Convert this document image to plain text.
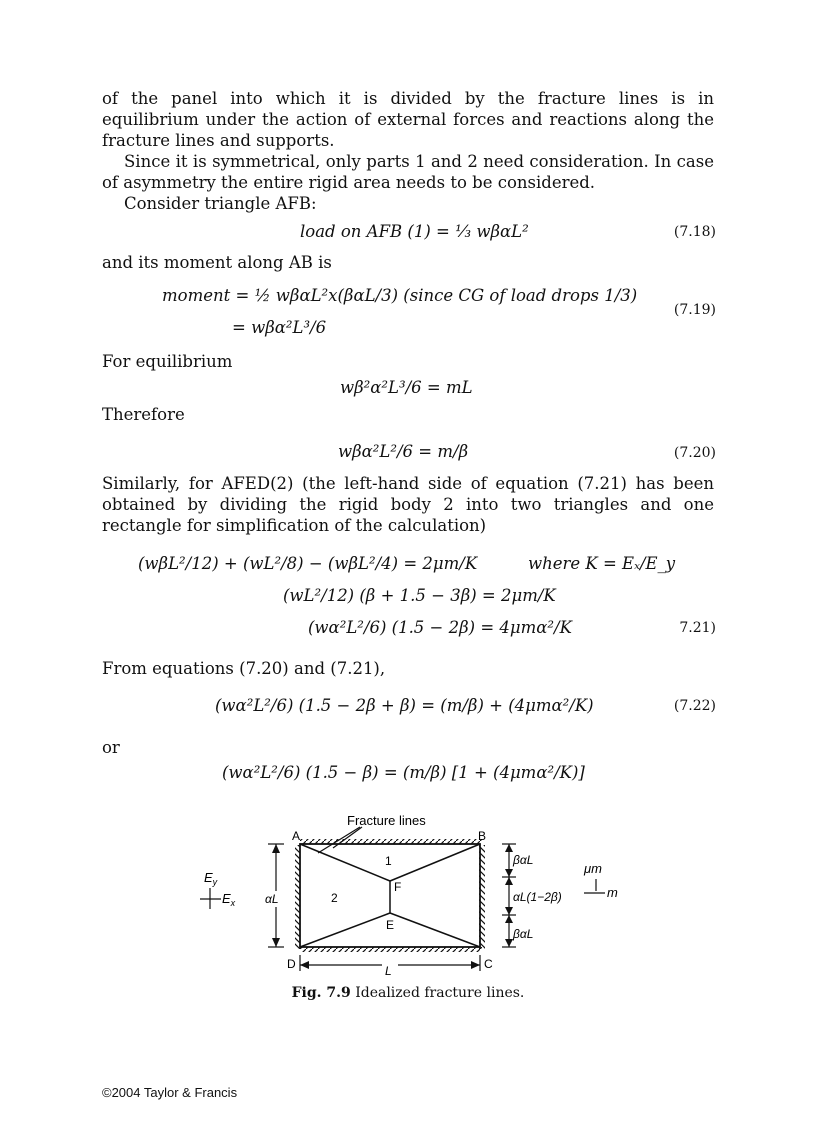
of the panel into which it is divided by the fracture lines is in equilibrium under the action of external forces and reactions along the fracture lines and supports.

Since it is symmetrical, only parts 1 and 2 need consideration. In case of asymmetry the entire rigid area needs to be considered.

Consider triangle AFB:

load on AFB (1) = ⅓ wβαL²	(7.18)
and its moment along AB is
moment = ½ wβαL²x(βαL/3) (since CG of load drops 1/3)
= wβα²L³/6
(7.19)
For equilibrium
wβ²α²L³/6 = mL
Therefore
wβα²L²/6 = m/β	(7.20)

Similarly, for AFED(2) (the left-hand side of equation (7.21) has been obtained by dividing the rigid body 2 into two triangles and one rectangle for simplification of the calculation)

(wβL²/12) + (wL²/8) − (wβL²/4) = 2μm/K	where K = Eₓ/E_y
(wL²/12) (β + 1.5 − 3β) = 2μm/K
(wα²L²/6) (1.5 − 2β) = 4μmα²/K	7.21)
From equations (7.20) and (7.21),
(wα²L²/6) (1.5 − 2β + β) = (m/β) + (4μmα²/K)	(7.22)
or
(wα²L²/6) (1.5 − β) = (m/β) [1 + (4μmα²/K)]
Fracture lines
A	B
D	C
F
E
1
2
αL
βαL
αL(1−2β)
βαL
L
$E_y$
$E_x$
μm
m
Fig. 7.9 Idealized fracture lines.
©2004 Taylor & Francis
